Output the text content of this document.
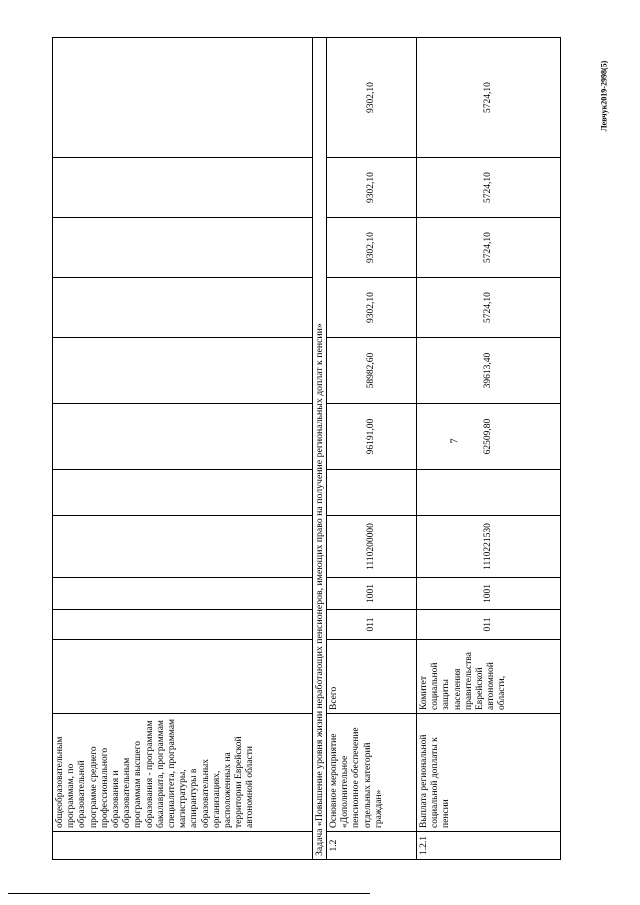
7
Левчук2019-2998(5)
	общеобразовательным программам, по образовательной программе среднего профессионального образования и образовательным программам высшего образования - программам бакалавриата, программам специалитета, программам магистратуры, аспирантуры в образовательных организациях, расположенных на территории Еврейской автономной области											
Задача «Повышение уровня жизни неработающих пенсионеров, имеющих право на получение региональных доплат к пенсии»												
1.2	Основное мероприятие «Дополнительное пенсионное обеспечение отдельных категорий граждан»	Всего	011	1001	1110200000		96191,00	58982,60	9302,10	9302,10	9302,10	9302,10
1.2.1	Выплата региональной социальной доплаты к пенсии	Комитет социальной защиты населения правительства Еврейской автономной области,	011	1001	1110221530		62509,80	39613,40	5724,10	5724,10	5724,10	5724,10
